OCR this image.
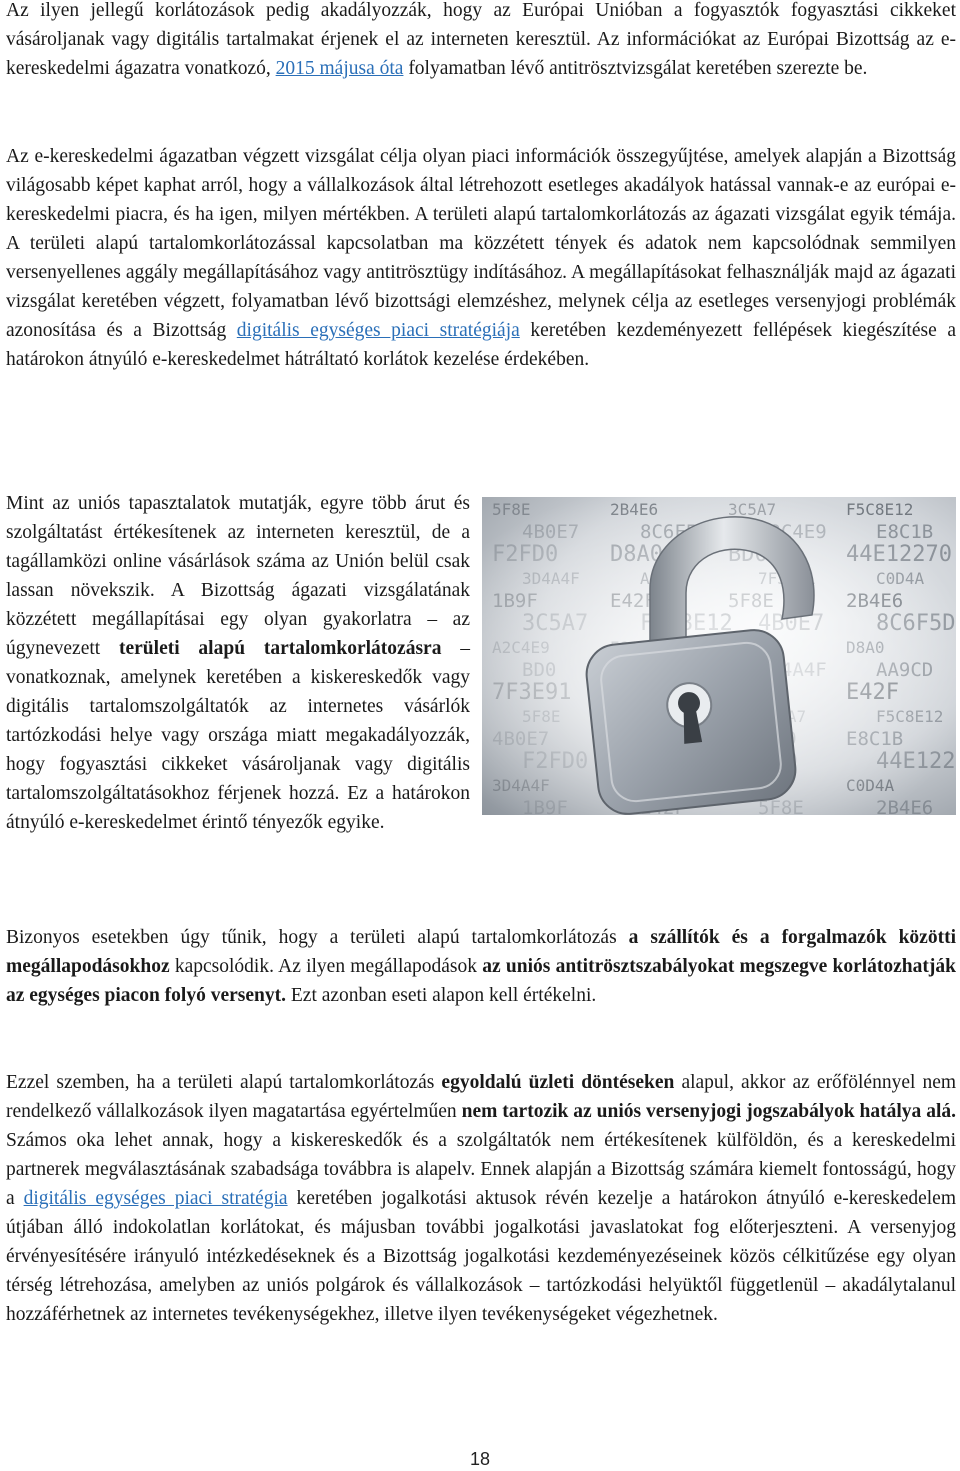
Az ilyen jellegű korlátozások pedig akadályozzák, hogy az Európai Unióban a fogyasztók fogyasztási cikkeket vásároljanak vagy digitális tartalmakat érjenek el az interneten keresztül. Az információkat az Európai Bizottság az e-kereskedelmi ágazatra vonatkozó, 2015 májusa óta folyamatban lévő antitrösztvizsgálat keretében szerezte be.

Az e-kereskedelmi ágazatban végzett vizsgálat célja olyan piaci információk összegyűjtése, amelyek alapján a Bizottság világosabb képet kaphat arról, hogy a vállalkozások által létrehozott esetleges akadályok hatással vannak-e az európai e-kereskedelmi piacra, és ha igen, milyen mértékben. A területi alapú tartalomkorlátozás az ágazati vizsgálat egyik témája. A területi alapú tartalomkorlátozással kapcsolatban ma közzétett tények és adatok nem kapcsolódnak semmilyen versenyellenes aggály megállapításához vagy antitrösztügy indításához. A megállapításokat felhasználják majd az ágazati vizsgálat keretében végzett, folyamatban lévő bizottsági elemzéshez, melynek célja az esetleges versenyjogi problémák azonosítása és a Bizottság digitális egységes piaci stratégiája keretében kezdeményezett fellépések kiegészítése a határokon átnyúló e-kereskedelmet hátráltató korlátok kezelése érdekében.

Mint az uniós tapasztalatok mutatják, egyre több árut és szolgáltatást értékesítenek az interneten keresztül, de a tagállamközi online vásárlások száma az Unión belül csak lassan növekszik. A Bizottság ágazati vizsgálatának közzétett megállapításai egy olyan gyakorlatra – az úgynevezett területi alapú tartalomkorlátozásra – vonatkoznak, amelynek keretében a kiskereskedők vagy digitális tartalomszolgáltatók az internetes vásárlók tartózkodási helye vagy országa miatt megakadályozzák, hogy fogyasztási cikkeket vásároljanak vagy digitális tartalomszolgáltatásokhoz férjenek hozzá. Ez a határokon átnyúló e-kereskedelmet érintő tényezők egyike.

Bizonyos esetekben úgy tűnik, hogy a területi alapú tartalomkorlátozás a szállítók és a forgalmazók közötti megállapodásokhoz kapcsolódik. Az ilyen megállapodások az uniós antitrösztszabályokat megszegve korlátozhatják az egységes piacon folyó versenyt. Ezt azonban eseti alapon kell értékelni.

Ezzel szemben, ha a területi alapú tartalomkorlátozás egyoldalú üzleti döntéseken alapul, akkor az erőfölénnyel nem rendelkező vállalkozások ilyen magatartása egyértelműen nem tartozik az uniós versenyjogi jogszabályok hatálya alá. Számos oka lehet annak, hogy a kiskereskedők és a szolgáltatók nem értékesítenek külföldön, és a kereskedelmi partnerek megválasztásának szabadsága továbbra is alapelv. Ennek alapján a Bizottság számára kiemelt fontosságú, hogy a digitális egységes piaci stratégia keretében jogalkotási aktusok révén kezelje a határokon átnyúló e-kereskedelem útjában álló indokolatlan korlátokat, és májusban további jogalkotási javaslatokat fog előterjeszteni. A versenyjog érvényesítésére irányuló intézkedéseknek és a Bizottság jogalkotási kezdeményezéseinek közös célkitűzése egy olyan térség létrehozása, amelyben az uniós polgárok és vállalkozások – tartózkodási helyüktől függetlenül – akadálytalanul hozzáférhetnek az internetes tevékenységekhez, illetve ilyen tevékenységeket végezhetnek.

18
